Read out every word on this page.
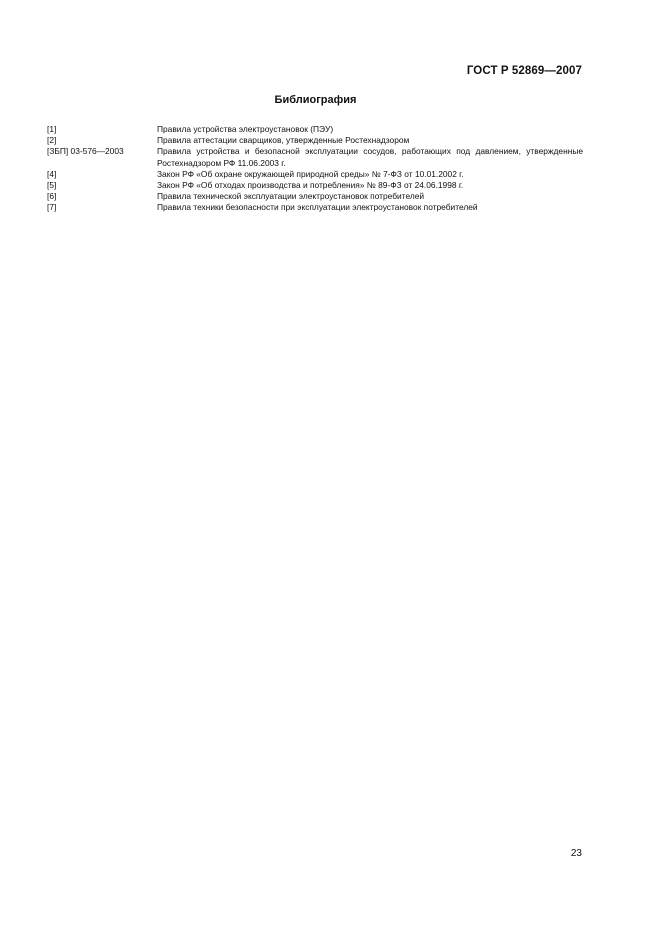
ГОСТ Р 52869—2007
Библиография
[1]	Правила устройства электроустановок (ПЭУ)
[2]	Правила аттестации сварщиков, утвержденные Ростехнадзором
[ЗБП] 03-576—2003	Правила устройства и безопасной эксплуатации сосудов, работающих под давлением, утвержденные Ростехнадзором РФ 11.06.2003 г.
[4]	Закон РФ «Об охране окружающей природной среды» № 7-ФЗ от 10.01.2002 г.
[5]	Закон РФ «Об отходах производства и потребления» № 89-ФЗ от 24.06.1998 г.
[6]	Правила технической эксплуатации электроустановок потребителей
[7]	Правила техники безопасности при эксплуатации электроустановок потребителей
23
